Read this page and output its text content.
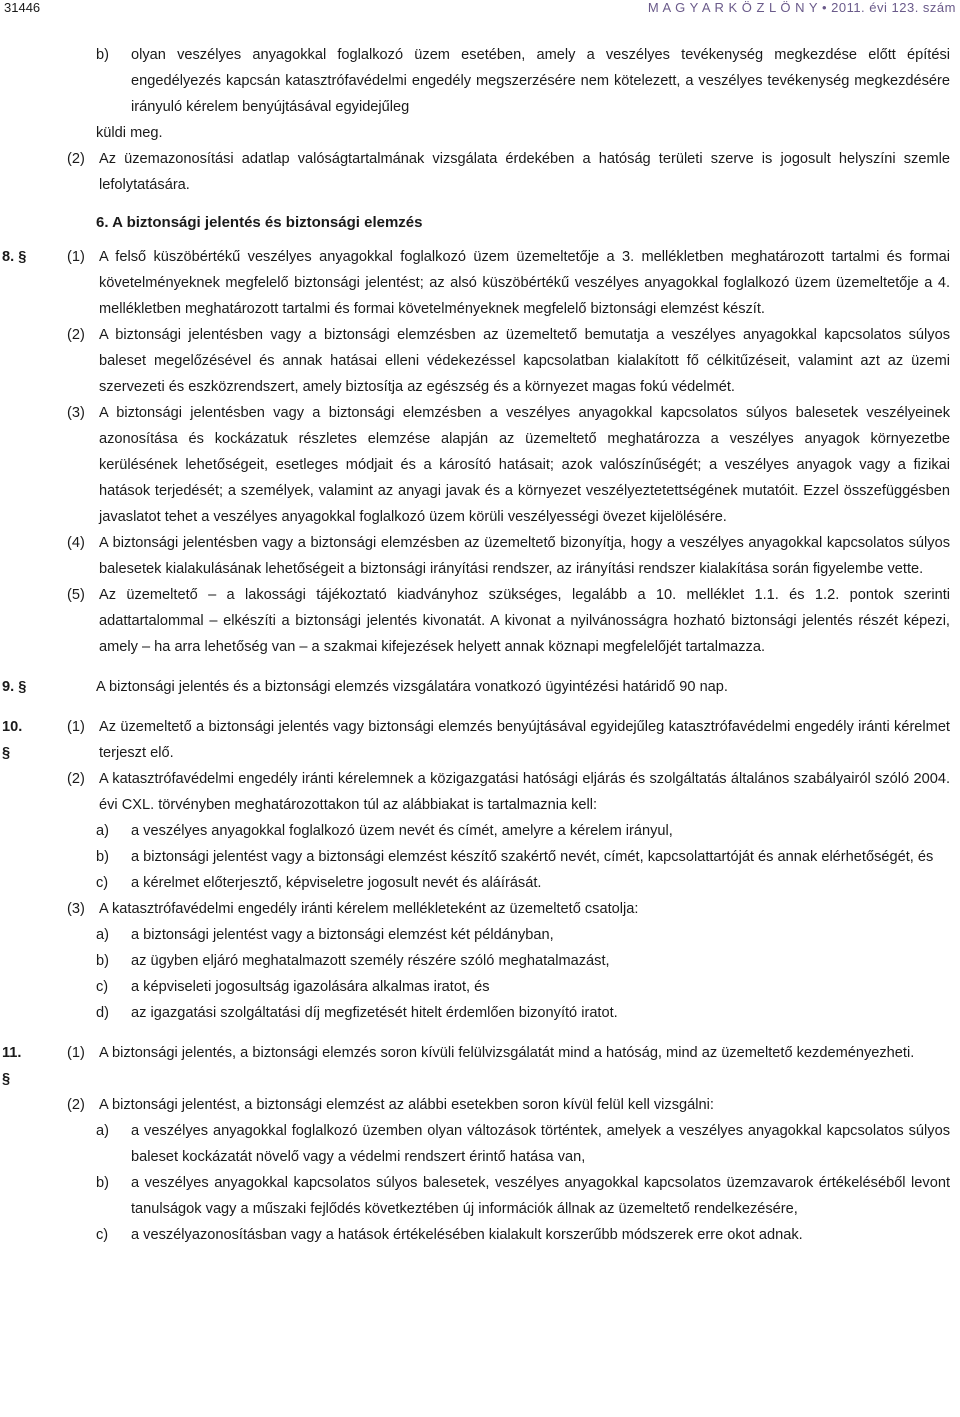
31446	M A G Y A R K Ö Z L Ö N Y • 2011. évi 123. szám
b)	olyan veszélyes anyagokkal foglalkozó üzem esetében, amely a veszélyes tevékenység megkezdése előtt építési engedélyezés kapcsán katasztrófavédelmi engedély megszerzésére nem kötelezett, a veszélyes tevékenység megkezdésére irányuló kérelem benyújtásával egyidejűleg
küldi meg.
(2) Az üzemazonosítási adatlap valóságtartalmának vizsgálata érdekében a hatóság területi szerve is jogosult helyszíni szemle lefolytatására.
6. A biztonsági jelentés és biztonsági elemzés
8. §	(1) A felső küszöbértékű veszélyes anyagokkal foglalkozó üzem üzemeltetője a 3. mellékletben meghatározott tartalmi és formai követelményeknek megfelelő biztonsági jelentést; az alsó küszöbértékű veszélyes anyagokkal foglalkozó üzem üzemeltetője a 4. mellékletben meghatározott tartalmi és formai követelményeknek megfelelő biztonsági elemzést készít.
(2) A biztonsági jelentésben vagy a biztonsági elemzésben az üzemeltető bemutatja a veszélyes anyagokkal kapcsolatos súlyos baleset megelőzésével és annak hatásai elleni védekezéssel kapcsolatban kialakított fő célkitűzéseit, valamint azt az üzemi szervezeti és eszközrendszert, amely biztosítja az egészség és a környezet magas fokú védelmét.
(3) A biztonsági jelentésben vagy a biztonsági elemzésben a veszélyes anyagokkal kapcsolatos súlyos balesetek veszélyeinek azonosítása és kockázatuk részletes elemzése alapján az üzemeltető meghatározza a veszélyes anyagok környezetbe kerülésének lehetőségeit, esetleges módjait és a károsító hatásait; azok valószínűségét; a veszélyes anyagok vagy a fizikai hatások terjedését; a személyek, valamint az anyagi javak és a környezet veszélyeztetettségének mutatóit. Ezzel összefüggésben javaslatot tehet a veszélyes anyagokkal foglalkozó üzem körüli veszélyességi övezet kijelölésére.
(4) A biztonsági jelentésben vagy a biztonsági elemzésben az üzemeltető bizonyítja, hogy a veszélyes anyagokkal kapcsolatos súlyos balesetek kialakulásának lehetőségeit a biztonsági irányítási rendszer, az irányítási rendszer kialakítása során figyelembe vette.
(5) Az üzemeltető – a lakossági tájékoztató kiadványhoz szükséges, legalább a 10. melléklet 1.1. és 1.2. pontok szerinti adattartalommal – elkészíti a biztonsági jelentés kivonatát. A kivonat a nyilvánosságra hozható biztonsági jelentés részét képezi, amely – ha arra lehetőség van – a szakmai kifejezések helyett annak köznapi megfelelőjét tartalmazza.
9. §	A biztonsági jelentés és a biztonsági elemzés vizsgálatára vonatkozó ügyintézési határidő 90 nap.
10. §
(1) Az üzemeltető a biztonsági jelentés vagy biztonsági elemzés benyújtásával egyidejűleg katasztrófavédelmi engedély iránti kérelmet terjeszt elő.
(2) A katasztrófavédelmi engedély iránti kérelemnek a közigazgatási hatósági eljárás és szolgáltatás általános szabályairól szóló 2004. évi CXL. törvényben meghatározottakon túl az alábbiakat is tartalmaznia kell:
a)	a veszélyes anyagokkal foglalkozó üzem nevét és címét, amelyre a kérelem irányul,
b)	a biztonsági jelentést vagy a biztonsági elemzést készítő szakértő nevét, címét, kapcsolattartóját és annak elérhetőségét, és
c)	a kérelmet előterjesztő, képviseletre jogosult nevét és aláírását.
(3) A katasztrófavédelmi engedély iránti kérelem mellékleteként az üzemeltető csatolja:
a)	a biztonsági jelentést vagy a biztonsági elemzést két példányban,
b)	az ügyben eljáró meghatalmazott személy részére szóló meghatalmazást,
c)	a képviseleti jogosultság igazolására alkalmas iratot, és
d)	az igazgatási szolgáltatási díj megfizetését hitelt érdemlően bizonyító iratot.
11. §
(1) A biztonsági jelentés, a biztonsági elemzés soron kívüli felülvizsgálatát mind a hatóság, mind az üzemeltető kezdeményezheti.
(2) A biztonsági jelentést, a biztonsági elemzést az alábbi esetekben soron kívül felül kell vizsgálni:
a)	a veszélyes anyagokkal foglalkozó üzemben olyan változások történtek, amelyek a veszélyes anyagokkal kapcsolatos súlyos baleset kockázatát növelő vagy a védelmi rendszert érintő hatása van,
b)	a veszélyes anyagokkal kapcsolatos súlyos balesetek, veszélyes anyagokkal kapcsolatos üzemzavarok értékeléséből levont tanulságok vagy a műszaki fejlődés következtében új információk állnak az üzemeltető rendelkezésére,
c)	a veszélyazonosításban vagy a hatások értékelésében kialakult korszerűbb módszerek erre okot adnak.
